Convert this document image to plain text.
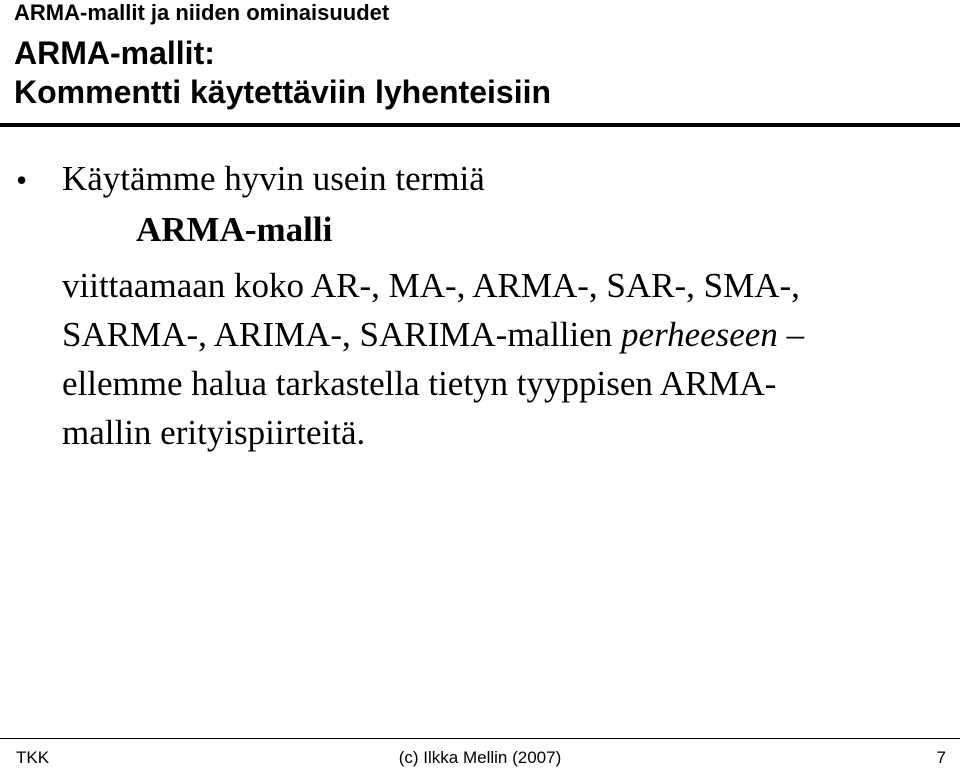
ARMA-mallit ja niiden ominaisuudet
ARMA-mallit:
Kommentti käytettäviin lyhenteisiin
• Käytämme hyvin usein termiä
ARMA-malli
viittaamaan koko AR-, MA-, ARMA-, SAR-, SMA-,
SARMA-, ARIMA-, SARIMA-mallien perheeseen –
ellemme halua tarkastella tietyn tyyppisen ARMA-
mallin erityispiirteitä.
TKK	(c) Ilkka Mellin (2007)	7
